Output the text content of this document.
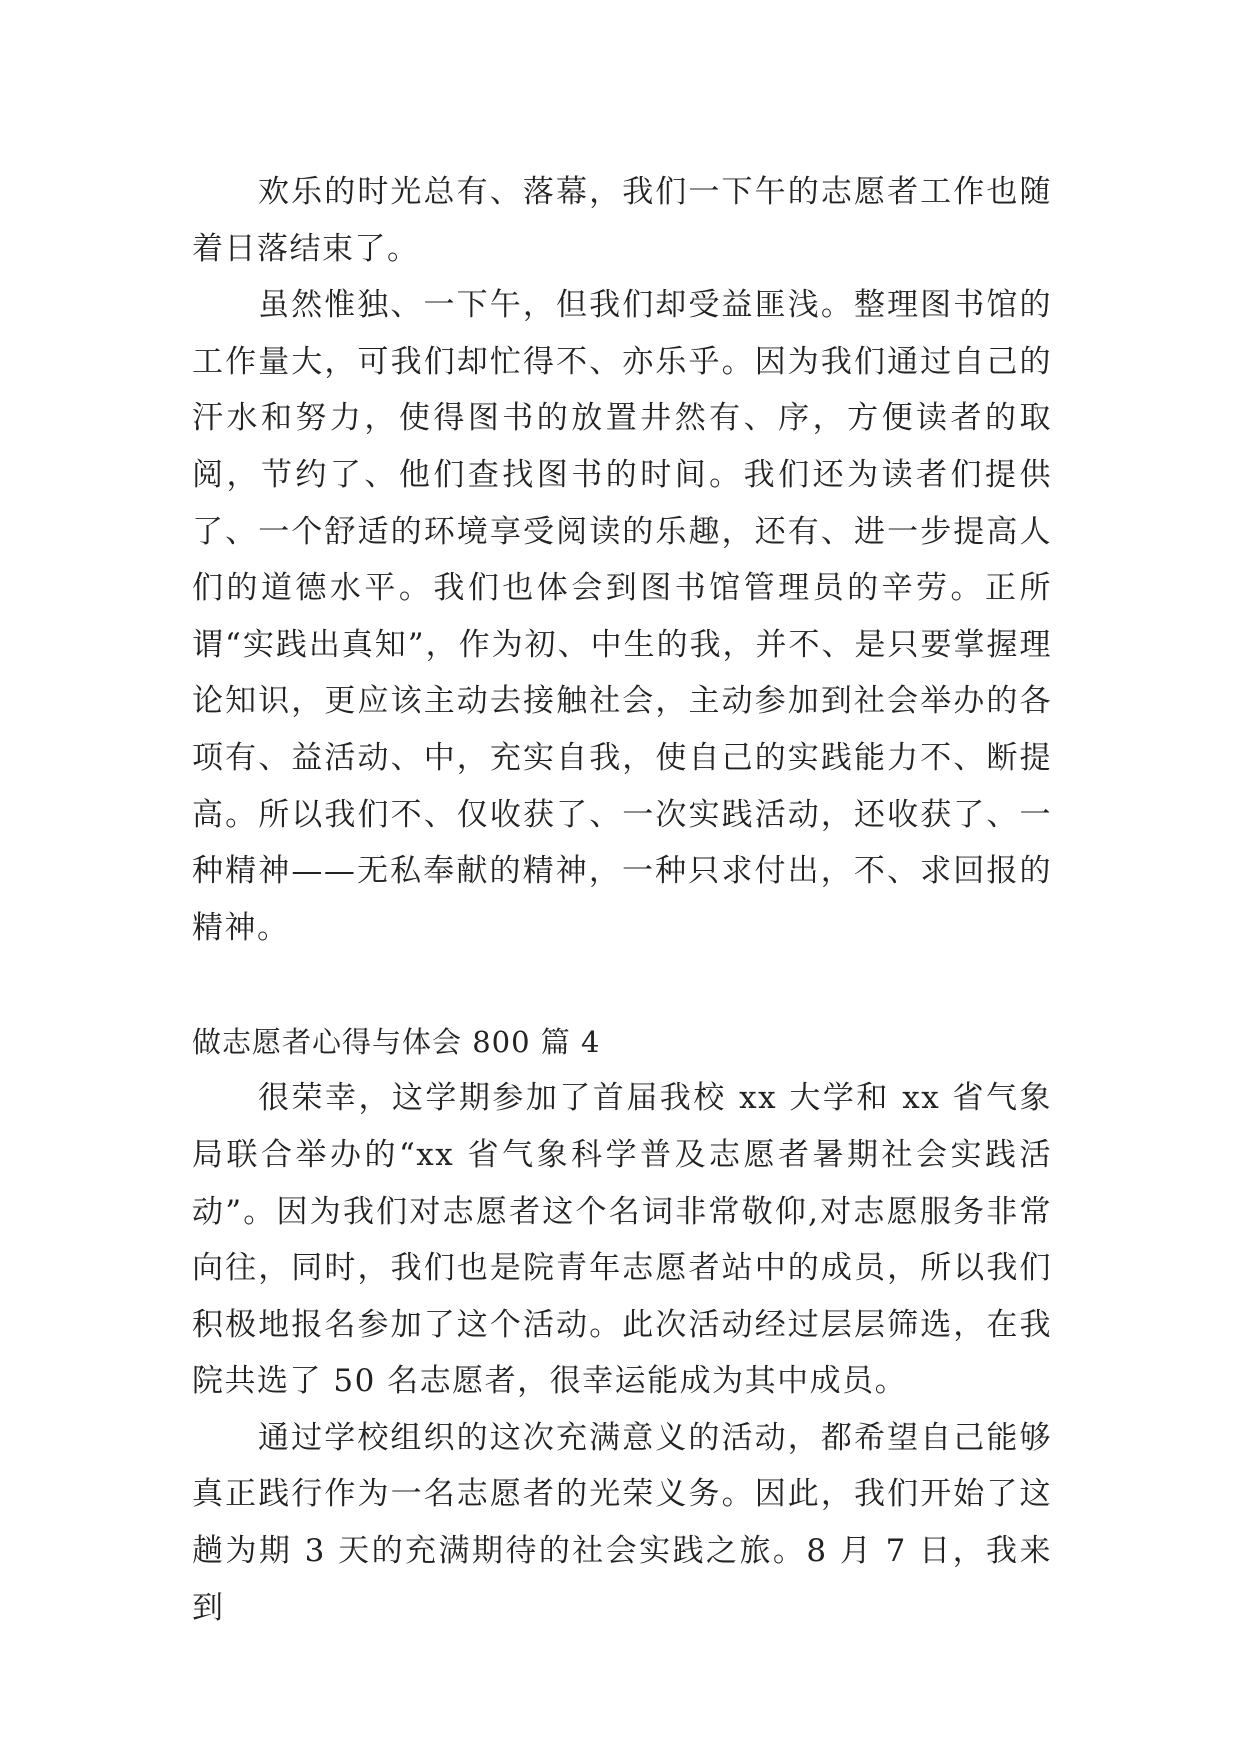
欢乐的时光总有、落幕，我们一下午的志愿者工作也随着日落结束了。

虽然惟独、一下午，但我们却受益匪浅。整理图书馆的工作量大，可我们却忙得不、亦乐乎。因为我们通过自己的汗水和努力，使得图书的放置井然有、序，方便读者的取阅，节约了、他们查找图书的时间。我们还为读者们提供了、一个舒适的环境享受阅读的乐趣，还有、进一步提高人们的道德水平。我们也体会到图书馆管理员的辛劳。正所谓“实践出真知”，作为初、中生的我，并不、是只要掌握理论知识，更应该主动去接触社会，主动参加到社会举办的各项有、益活动、中，充实自我，使自己的实践能力不、断提高。所以我们不、仅收获了、一次实践活动，还收获了、一种精神——无私奉献的精神，一种只求付出，不、求回报的精神。

做志愿者心得与体会 800 篇 4

很荣幸，这学期参加了首届我校 xx 大学和 xx 省气象局联合举办的“xx 省气象科学普及志愿者暑期社会实践活动”。因为我们对志愿者这个名词非常敬仰,对志愿服务非常向往，同时，我们也是院青年志愿者站中的成员，所以我们积极地报名参加了这个活动。此次活动经过层层筛选，在我院共选了 50 名志愿者，很幸运能成为其中成员。

通过学校组织的这次充满意义的活动，都希望自己能够真正践行作为一名志愿者的光荣义务。因此，我们开始了这趟为期 3 天的充满期待的社会实践之旅。8 月 7 日，我来到
